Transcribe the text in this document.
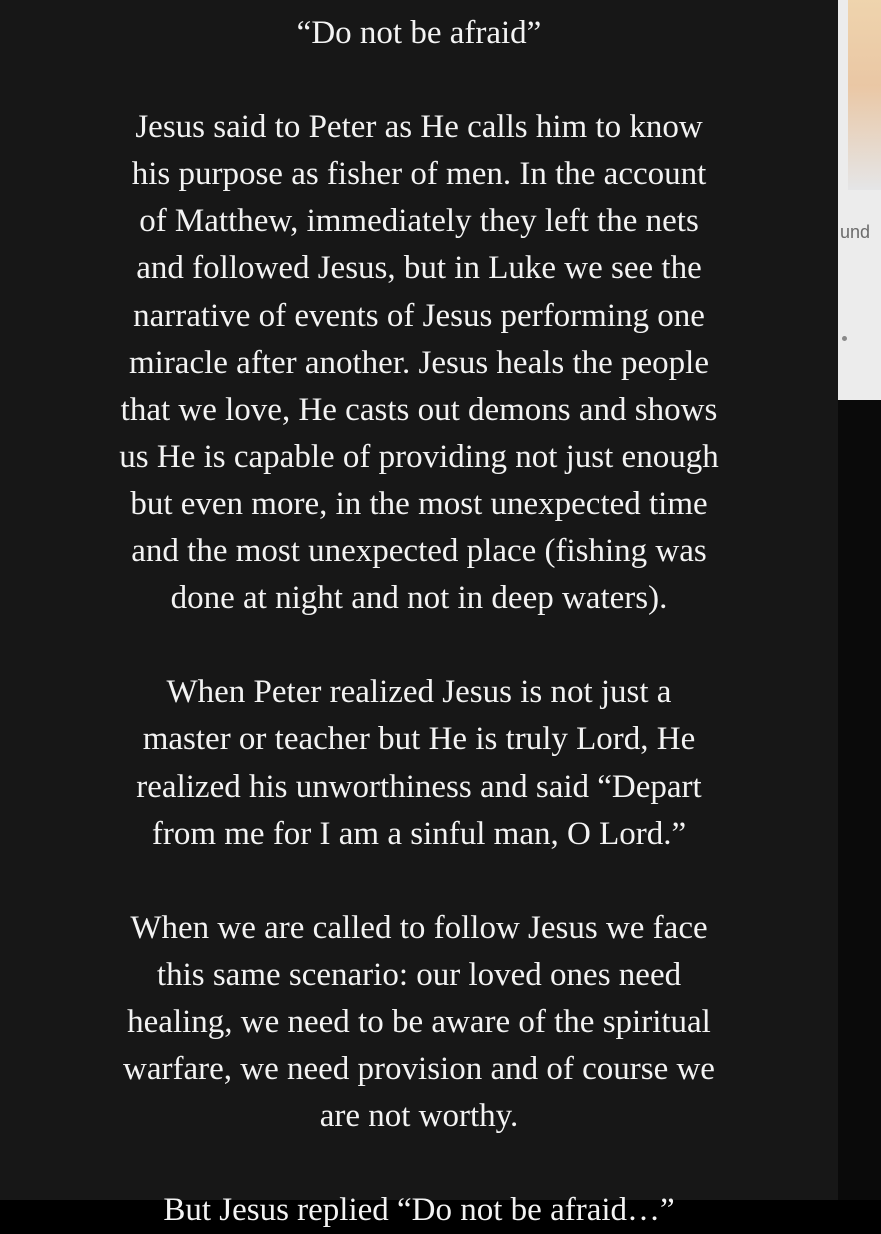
und
“Do not be afraid”
Jesus said to Peter as He calls him to know
his purpose as fisher of men. In the account
of Matthew, immediately they left the nets
and followed Jesus, but in Luke we see the
narrative of events of Jesus performing one
miracle after another. Jesus heals the people
that we love, He casts out demons and shows
us He is capable of providing not just enough
but even more, in the most unexpected time
and the most unexpected place (fishing was
done at night and not in deep waters).
When Peter realized Jesus is not just a
master or teacher but He is truly Lord, He
realized his unworthiness and said “Depart
from me for I am a sinful man, O Lord.”
When we are called to follow Jesus we face
this same scenario: our loved ones need
healing, we need to be aware of the spiritual
warfare, we need provision and of course we
are not worthy.
But Jesus replied “Do not be afraid…”
